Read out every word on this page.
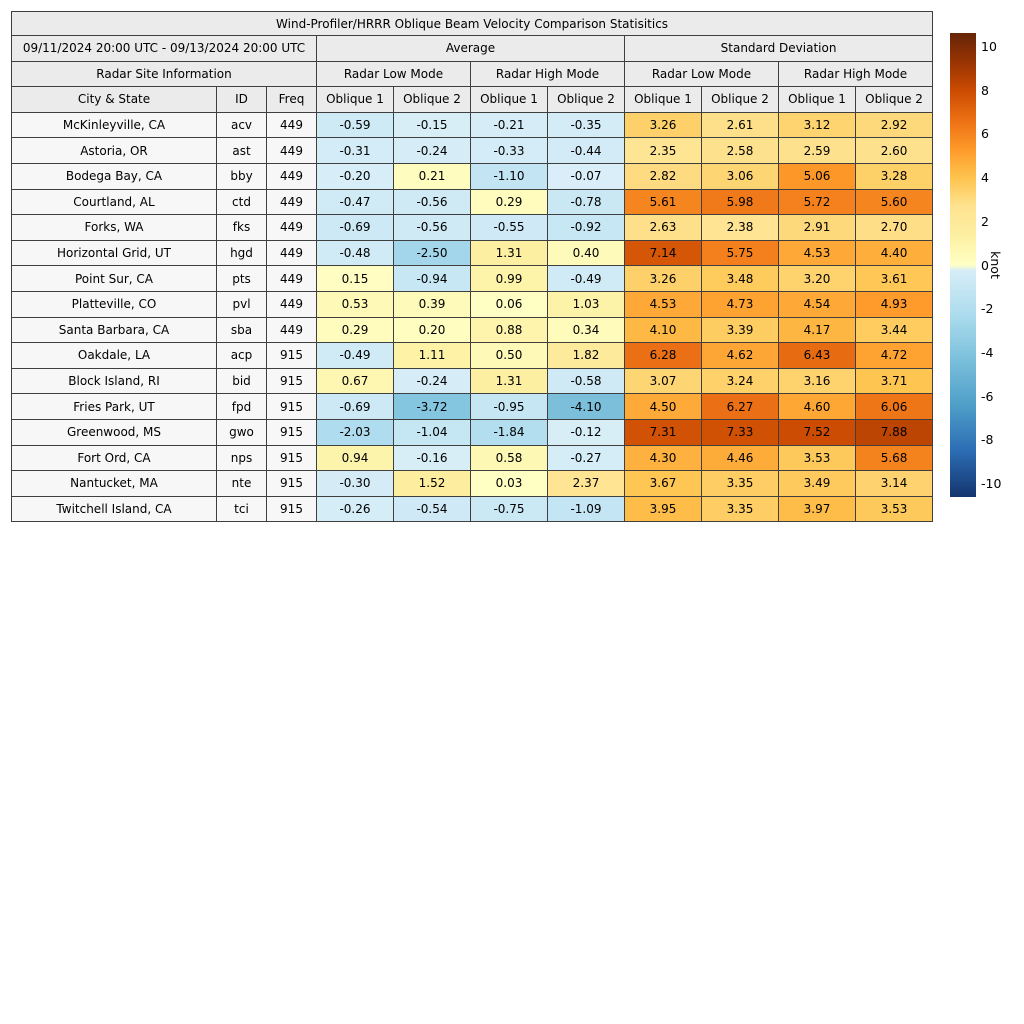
Wind-Profiler/HRRR Oblique Beam Velocity Comparison Statisitics										
09/11/2024 20:00 UTC - 09/13/2024 20:00 UTC			Average				Standard Deviation			
Radar Site Information			Radar Low Mode		Radar High Mode		Radar Low Mode		Radar High Mode	
City & State	ID	Freq	Oblique 1	Oblique 2	Oblique 1	Oblique 2	Oblique 1	Oblique 2	Oblique 1	Oblique 2
McKinleyville, CA	acv	449	-0.59	-0.15	-0.21	-0.35	3.26	2.61	3.12	2.92
Astoria, OR	ast	449	-0.31	-0.24	-0.33	-0.44	2.35	2.58	2.59	2.60
Bodega Bay, CA	bby	449	-0.20	0.21	-1.10	-0.07	2.82	3.06	5.06	3.28
Courtland, AL	ctd	449	-0.47	-0.56	0.29	-0.78	5.61	5.98	5.72	5.60
Forks, WA	fks	449	-0.69	-0.56	-0.55	-0.92	2.63	2.38	2.91	2.70
Horizontal Grid, UT	hgd	449	-0.48	-2.50	1.31	0.40	7.14	5.75	4.53	4.40
Point Sur, CA	pts	449	0.15	-0.94	0.99	-0.49	3.26	3.48	3.20	3.61
Platteville, CO	pvl	449	0.53	0.39	0.06	1.03	4.53	4.73	4.54	4.93
Santa Barbara, CA	sba	449	0.29	0.20	0.88	0.34	4.10	3.39	4.17	3.44
Oakdale, LA	acp	915	-0.49	1.11	0.50	1.82	6.28	4.62	6.43	4.72
Block Island, RI	bid	915	0.67	-0.24	1.31	-0.58	3.07	3.24	3.16	3.71
Fries Park, UT	fpd	915	-0.69	-3.72	-0.95	-4.10	4.50	6.27	4.60	6.06
Greenwood, MS	gwo	915	-2.03	-1.04	-1.84	-0.12	7.31	7.33	7.52	7.88
Fort Ord, CA	nps	915	0.94	-0.16	0.58	-0.27	4.30	4.46	3.53	5.68
Nantucket, MA	nte	915	-0.30	1.52	0.03	2.37	3.67	3.35	3.49	3.14
Twitchell Island, CA	tci	915	-0.26	-0.54	-0.75	-1.09	3.95	3.35	3.97	3.53
10
8
6
4
2
0
-2
-4
-6
-8
-10
knot
